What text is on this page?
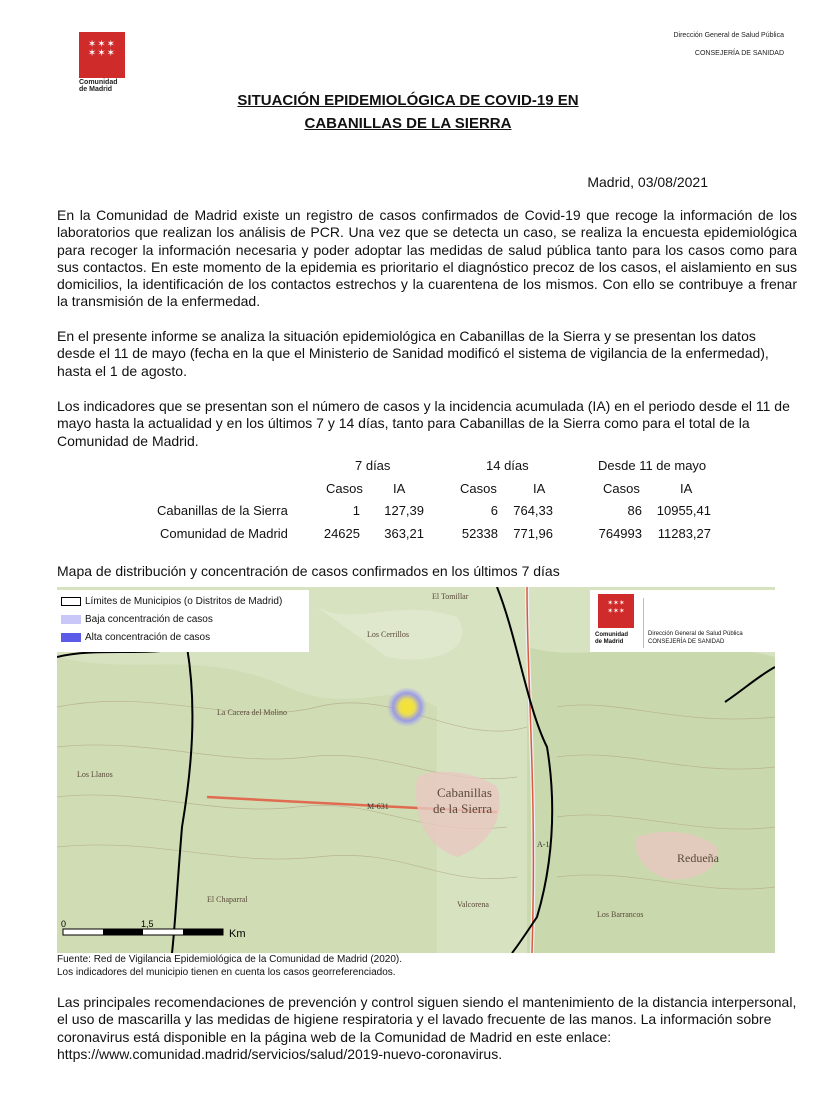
✶✶✶
✶✶✶

Comunidad
de Madrid
Dirección General de Salud Pública
CONSEJERÍA DE SANIDAD
SITUACIÓN EPIDEMIOLÓGICA DE COVID-19 EN
CABANILLAS DE LA SIERRA
Madrid, 03/08/2021
En la Comunidad de Madrid existe un registro de casos confirmados de Covid-19 que recoge la información de los laboratorios que realizan los análisis de PCR. Una vez que se detecta un caso, se realiza la encuesta epidemiológica para recoger la información necesaria y poder adoptar las medidas de salud pública tanto para los casos como para sus contactos. En este momento de la epidemia es prioritario el diagnóstico precoz de los casos, el aislamiento en sus domicilios, la identificación de los contactos estrechos y la cuarentena de los mismos. Con ello se contribuye a frenar la transmisión de la enfermedad.
En el presente informe se analiza la situación epidemiológica en Cabanillas de la Sierra y se presentan los datos desde el 11 de mayo (fecha en la que el Ministerio de Sanidad modificó el sistema de vigilancia de la enfermedad), hasta el 1 de agosto.
Los indicadores que se presentan son el número de casos y la incidencia acumulada (IA) en el periodo desde el 11 de mayo hasta la actualidad y en los últimos 7 y 14 días, tanto para Cabanillas de la Sierra como para el total de la Comunidad de Madrid.
7 días	14 días	Desde 11 de mayo
Casos IA	Casos	IA	Casos	IA
Cabanillas de la Sierra	1 127,39	6 764,33	86 10955,41
Comunidad de Madrid	24625 363,21	52338 771,96	764993 11283,27
Mapa de distribución y concentración de casos confirmados en los últimos 7 días
Cabanillas
de la Sierra
Redueña
El Tomillar
Los Cerrillos
La Cacera del Molino
Los Llanos
El Chaparral
Valcorena
Los Barrancos
M-631
A-1
0	1,5
Km
Límites de Municipios (o Distritos de Madrid)
Baja concentración de casos
Alta concentración de casos
✶✶✶
✶✶✶
Comunidad
de Madrid
Dirección General de Salud Pública
CONSEJERÍA DE SANIDAD
Fuente: Red de Vigilancia Epidemiológica de la Comunidad de Madrid (2020).
Los indicadores del municipio tienen en cuenta los casos georreferenciados.
Las principales recomendaciones de prevención y control siguen siendo el mantenimiento de la distancia interpersonal, el uso de mascarilla y las medidas de higiene respiratoria y el lavado frecuente de las manos. La información sobre coronavirus está disponible en la página web de la Comunidad de Madrid en este enlace: https://www.comunidad.madrid/servicios/salud/2019-nuevo-coronavirus.
